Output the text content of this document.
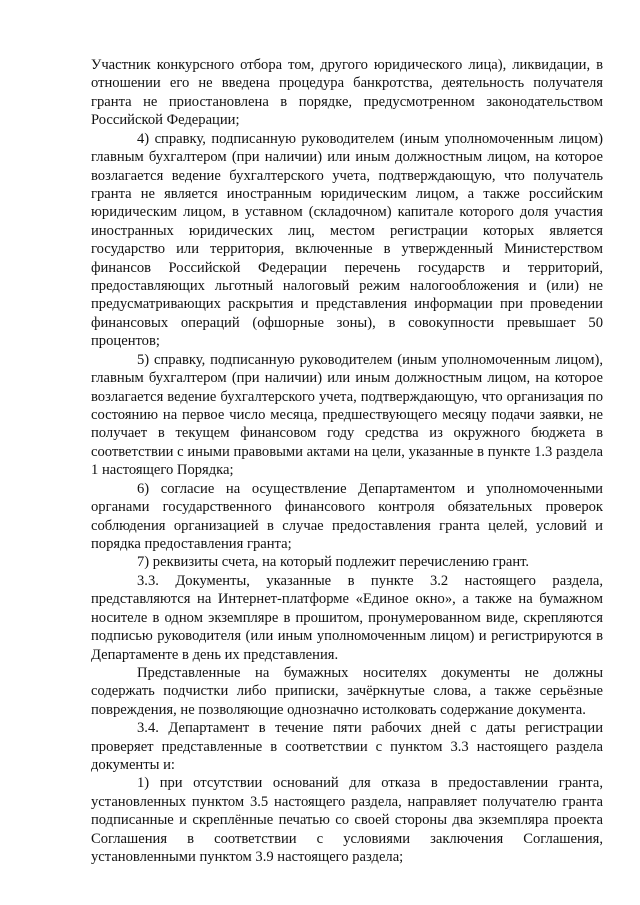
Участник конкурсного отбора том, другого юридического лица), ликвидации, в отношении его не введена процедура банкротства, деятельность получателя гранта не приостановлена в порядке, предусмотренном законодательством Российской Федерации;

4) справку, подписанную руководителем (иным уполномоченным лицом) главным бухгалтером (при наличии) или иным должностным лицом, на которое возлагается ведение бухгалтерского учета, подтверждающую, что получатель гранта не является иностранным юридическим лицом, а также российским юридическим лицом, в уставном (складочном) капитале которого доля участия иностранных юридических лиц, местом регистрации которых является государство или территория, включенные в утвержденный Министерством финансов Российской Федерации перечень государств и территорий, предоставляющих льготный налоговый режим налогообложения и (или) не предусматривающих раскрытия и представления информации при проведении финансовых операций (офшорные зоны), в совокупности превышает 50 процентов;

5) справку, подписанную руководителем (иным уполномоченным лицом), главным бухгалтером (при наличии) или иным должностным лицом, на которое возлагается ведение бухгалтерского учета, подтверждающую, что организация по состоянию на первое число месяца, предшествующего месяцу подачи заявки, не получает в текущем финансовом году средства из окружного бюджета в соответствии с иными правовыми актами на цели, указанные в пункте 1.3 раздела 1 настоящего Порядка;

6) согласие на осуществление Департаментом и уполномоченными органами государственного финансового контроля обязательных проверок соблюдения организацией в случае предоставления гранта целей, условий и порядка предоставления гранта;

7) реквизиты счета, на который подлежит перечислению грант.

3.3. Документы, указанные в пункте 3.2 настоящего раздела, представляются на Интернет-платформе «Единое окно», а также на бумажном носителе в одном экземпляре в прошитом, пронумерованном виде, скрепляются подписью руководителя (или иным уполномоченным лицом) и регистрируются в Департаменте в день их представления.

Представленные на бумажных носителях документы не должны содержать подчистки либо приписки, зачёркнутые слова, а также серьёзные повреждения, не позволяющие однозначно истолковать содержание документа.

3.4. Департамент в течение пяти рабочих дней с даты регистрации проверяет представленные в соответствии с пунктом 3.3 настоящего раздела документы и:

1) при отсутствии оснований для отказа в предоставлении гранта, установленных пунктом 3.5 настоящего раздела, направляет получателю гранта подписанные и скреплённые печатью со своей стороны два экземпляра проекта Соглашения в соответствии с условиями заключения Соглашения, установленными пунктом 3.9 настоящего раздела;
